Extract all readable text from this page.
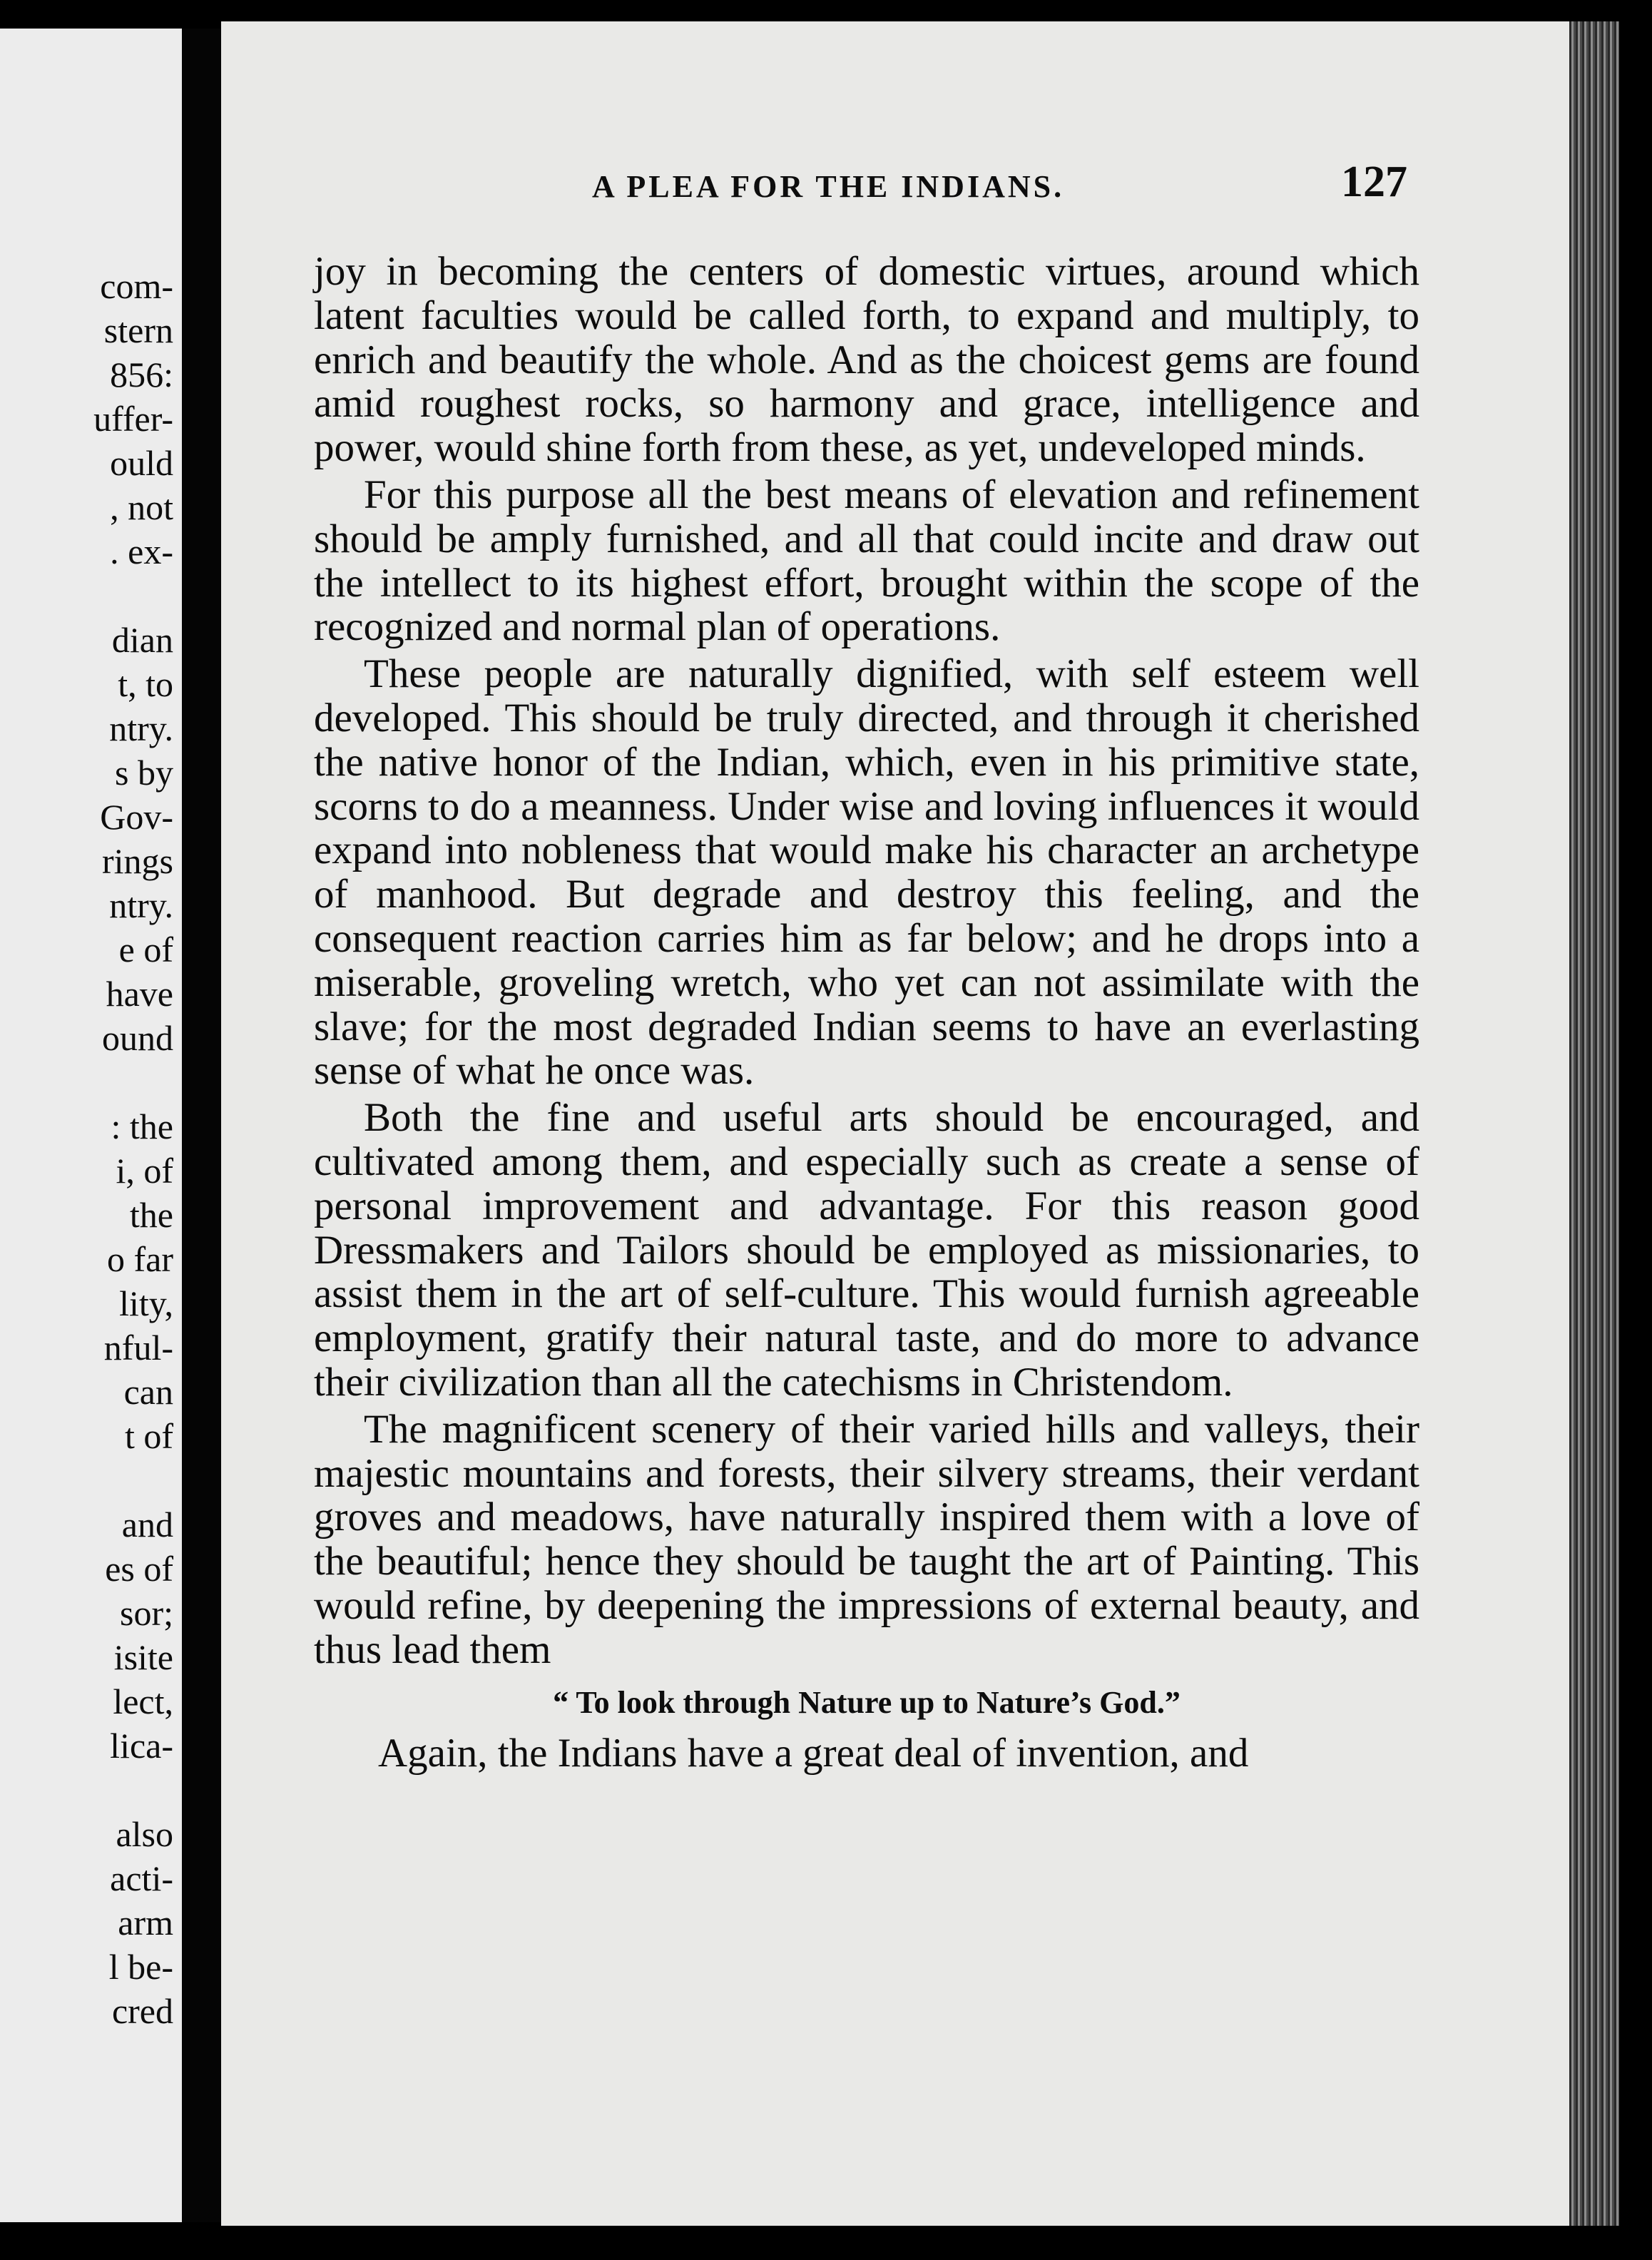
com-
stern
856:
uffer-
ould
, not
. ex-
dian
t, to
ntry.
s by
Gov-
rings
ntry.
e of
have
ound
: the
i, of
the
o far
lity,
nful-
can
t of
and
es of
sor;
isite
lect,
lica-
also
acti-
arm
l be-
cred
A PLEA FOR THE INDIANS.	127

joy in becoming the centers of domestic virtues, around which latent faculties would be called forth, to expand and multiply, to enrich and beautify the whole. And as the choicest gems are found amid roughest rocks, so harmony and grace, intelligence and power, would shine forth from these, as yet, undeveloped minds.

For this purpose all the best means of elevation and refinement should be amply furnished, and all that could incite and draw out the intellect to its highest effort, brought within the scope of the recognized and normal plan of operations.

These people are naturally dignified, with self esteem well developed. This should be truly directed, and through it cherished the native honor of the Indian, which, even in his primitive state, scorns to do a meanness. Under wise and loving influences it would expand into nobleness that would make his character an archetype of manhood. But degrade and destroy this feeling, and the consequent reaction carries him as far below; and he drops into a miserable, groveling wretch, who yet can not assimilate with the slave; for the most degraded Indian seems to have an everlasting sense of what he once was.

Both the fine and useful arts should be encouraged, and cultivated among them, and especially such as create a sense of personal improvement and advantage. For this reason good Dressmakers and Tailors should be employed as missionaries, to assist them in the art of self-culture. This would furnish agreeable employment, gratify their natural taste, and do more to advance their civilization than all the catechisms in Christendom.

The magnificent scenery of their varied hills and valleys, their majestic mountains and forests, their silvery streams, their verdant groves and meadows, have naturally inspired them with a love of the beautiful; hence they should be taught the art of Painting. This would refine, by deepening the impressions of external beauty, and thus lead them

“ To look through Nature up to Nature’s God.”

Again, the Indians have a great deal of invention, and
